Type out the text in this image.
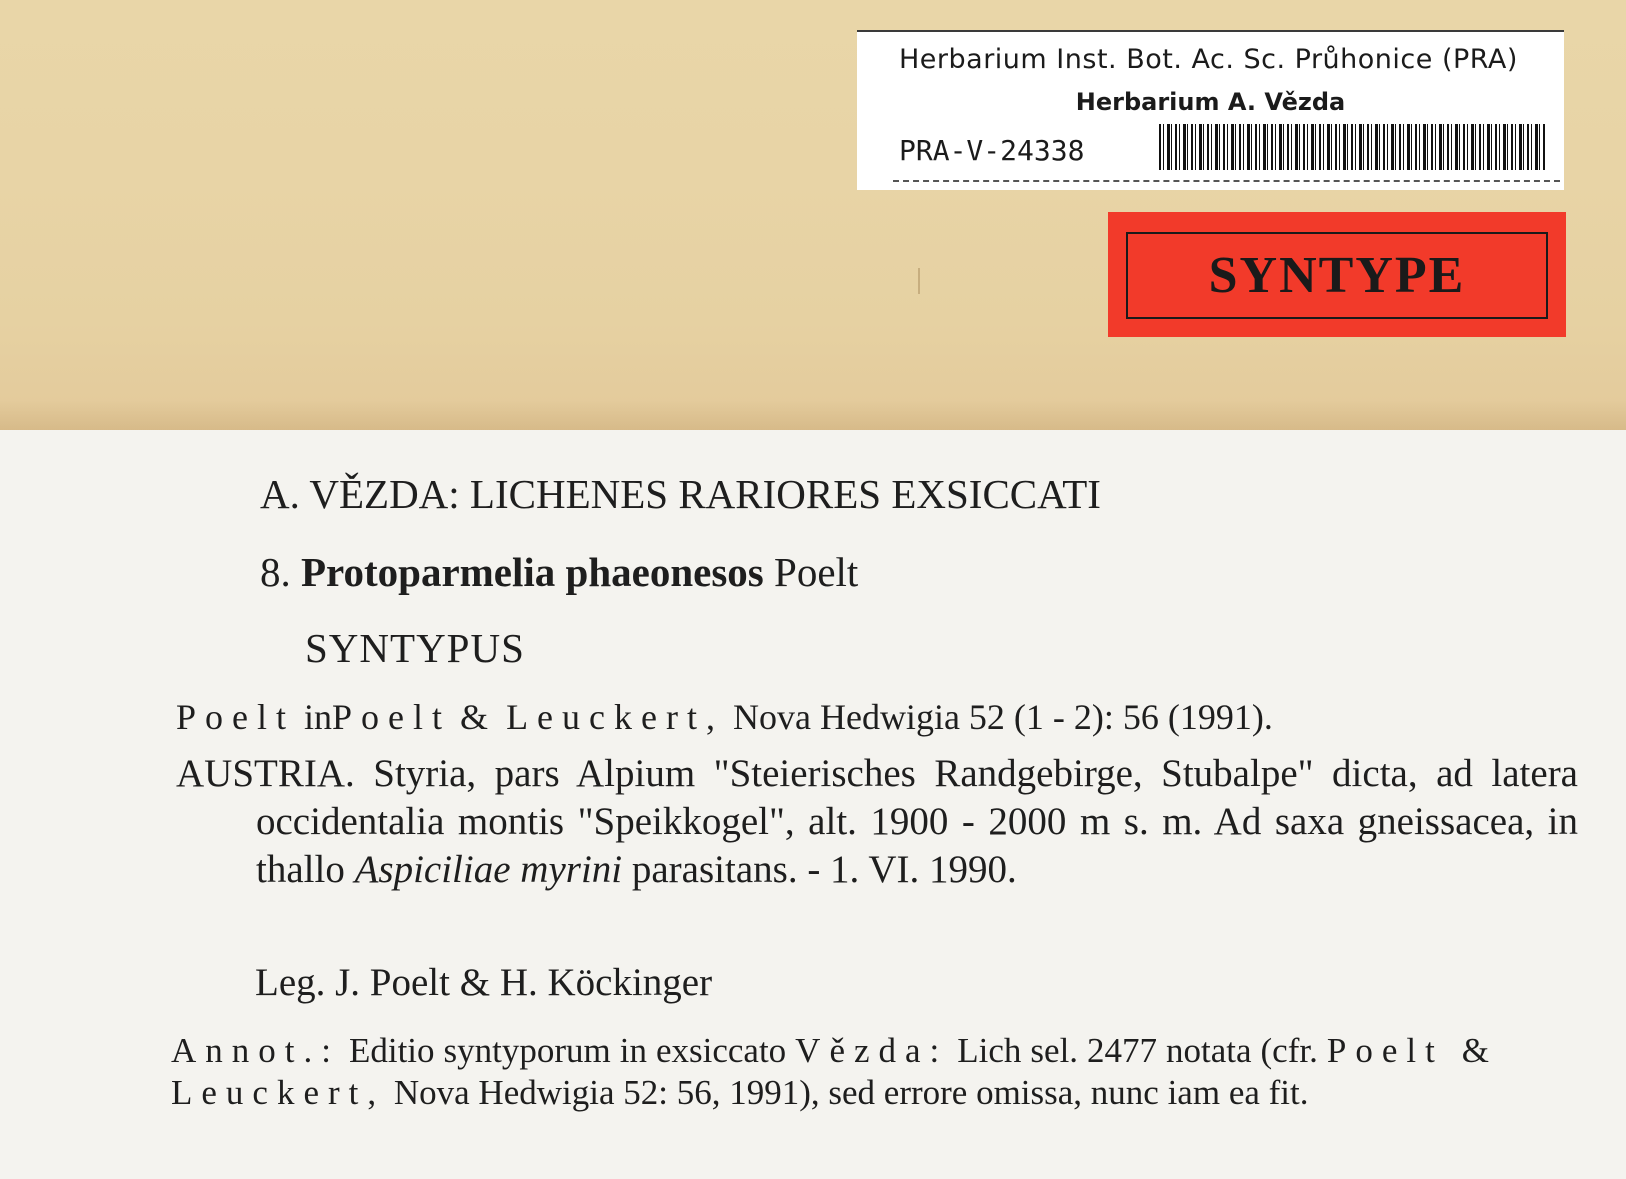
Herbarium Inst. Bot. Ac. Sc. Průhonice (PRA)
Herbarium A. Vězda
PRA-V-24338
SYNTYPE
A. VĚZDA: LICHENES RARIORES EXSICCATI
8. Protoparmelia phaeonesos Poelt
SYNTYPUS
Poelt inPoelt & Leuckert, Nova Hedwigia 52 (1 - 2): 56 (1991).
AUSTRIA. Styria, pars Alpium "Steierisches Randgebirge, Stubalpe" dicta, ad latera occidentalia montis "Speikkogel", alt. 1900 - 2000 m s. m. Ad saxa gneissacea, in thallo Aspiciliae myrini parasitans. - 1. VI. 1990.
Leg. J. Poelt & H. Köckinger
Annot.: Editio syntyporum in exsiccato Vězda: Lich sel. 2477 notata (cfr. Poelt & Leuckert, Nova Hedwigia 52: 56, 1991), sed errore omissa, nunc iam ea fit.
